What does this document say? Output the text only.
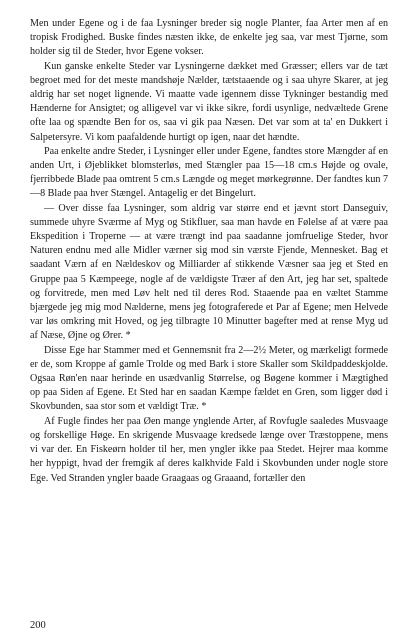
Men under Egene og i de faa Lysninger breder sig nogle Planter, faa Arter men af en tropisk Frodighed. Buske findes næsten ikke, de enkelte jeg saa, var mest Tjørne, som holder sig til de Steder, hvor Egene vokser.

Kun ganske enkelte Steder var Lysningerne dækket med Græsser; ellers var de tæt begroet med for det meste mandshøje Nælder, tætstaaende og i saa uhyre Skarer, at jeg aldrig har set noget lignende. Vi maatte vade igennem disse Tykninger bestandig med Hænderne for Ansigtet; og alligevel var vi ikke sikre, fordi usynlige, nedvæltede Grene ofte laa og spændte Ben for os, saa vi gik paa Næsen. Det var som at ta' en Dukkert i Salpetersyre. Vi kom paafaldende hurtigt op igen, naar det hændte.

Paa enkelte andre Steder, i Lysninger eller under Egene, fandtes store Mængder af en anden Urt, i Øjeblikket blomsterløs, med Stængler paa 15—18 cm.s Højde og ovale, fjerribbede Blade paa omtrent 5 cm.s Længde og meget mørkegrønne. Der fandtes kun 7—8 Blade paa hver Stængel. Antagelig er det Bingelurt.

— Over disse faa Lysninger, som aldrig var større end et jævnt stort Danseguiv, summede uhyre Sværme af Myg og Stikfluer, saa man havde en Følelse af at være paa Ekspedition i Troperne — at være trængt ind paa saadanne jomfruelige Steder, hvor Naturen endnu med alle Midler værner sig mod sin værste Fjende, Mennesket. Bag et saadant Værn af en Nældeskov og Milliarder af stikkende Væsner saa jeg et Sted en Gruppe paa 5 Kæmpeege, nogle af de vældigste Træer af den Art, jeg har set, spaltede og forvitrede, men med Løv helt ned til deres Rod. Staaende paa en væltet Stamme bjærgede jeg mig mod Nælderne, mens jeg fotograferede et Par af Egene; men Helvede var løs omkring mit Hoved, og jeg tilbragte 10 Minutter bagefter med at rense Myg ud af Næse, Øjne og Ører. *

Disse Ege har Stammer med et Gennemsnit fra 2—2½ Meter, og mærkeligt formede er de, som Kroppe af gamle Trolde og med Bark i store Skaller som Skildpaddeskjolde. Ogsaa Røn'en naar herinde en usædvanlig Størrelse, og Bøgene kommer i Mægtighed op paa Siden af Egene. Et Sted har en saadan Kæmpe fældet en Gren, som ligger død i Skovbunden, saa stor som et vældigt Træ. *

Af Fugle findes her paa Øen mange ynglende Arter, af Rovfugle saaledes Musvaage og forskellige Høge. En skrigende Musvaage kredsede længe over Træstoppene, mens vi var der. En Fiskeørn holder til her, men yngler ikke paa Stedet. Hejrer maa komme her hyppigt, hvad der fremgik af deres kalkhvide Fald i Skovbunden under nogle store Ege. Ved Stranden yngler baade Graagaas og Graaand, fortæller den

200
